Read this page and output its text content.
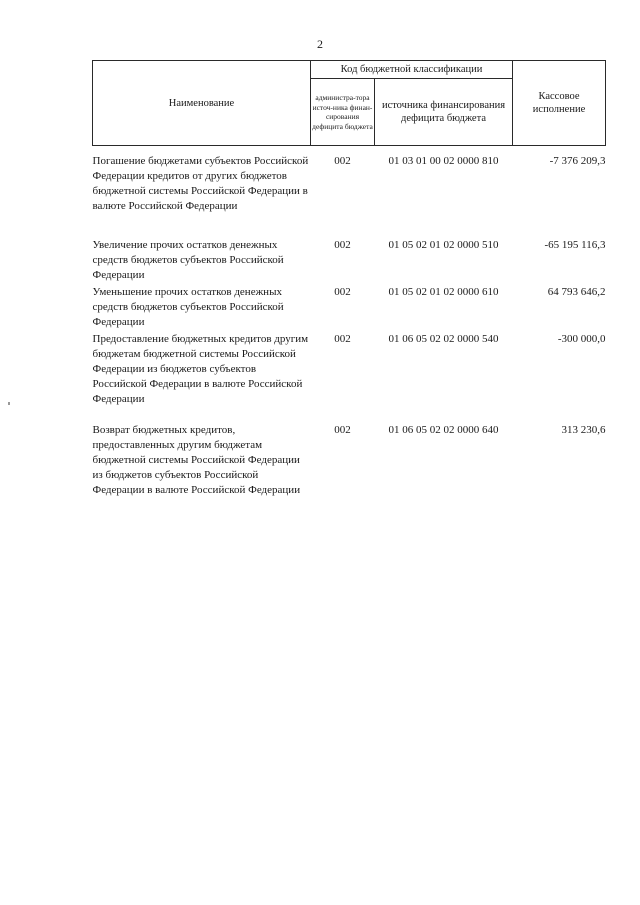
2
Наименование	Код бюджетной классификации		Кассовое исполнение
	администра-тора источ-ника финан-сирования дефицита бюджета	источника финансирования дефицита бюджета	

Погашение бюджетами субъектов Российской Федерации кредитов от других бюджетов бюджетной системы Российской Федерации в валюте Российской Федерации	002	01 03 01 00 02 0000 810	-7 376 209,3
Увеличение прочих остатков денежных средств бюджетов субъектов Российской Федерации	002	01 05 02 01 02 0000 510	-65 195 116,3
Уменьшение прочих остатков денежных средств бюджетов субъектов Российской Федерации	002	01 05 02 01 02 0000 610	64 793 646,2
Предоставление бюджетных кредитов другим бюджетам бюджетной системы Российской Федерации из бюджетов субъектов Российской Федерации в валюте Российской Федерации	002	01 06 05 02 02 0000 540	-300 000,0
Возврат бюджетных кредитов, предоставленных другим бюджетам бюджетной системы Российской Федерации из бюджетов субъектов Российской Федерации в валюте Российской Федерации	002	01 06 05 02 02 0000 640	313 230,6
